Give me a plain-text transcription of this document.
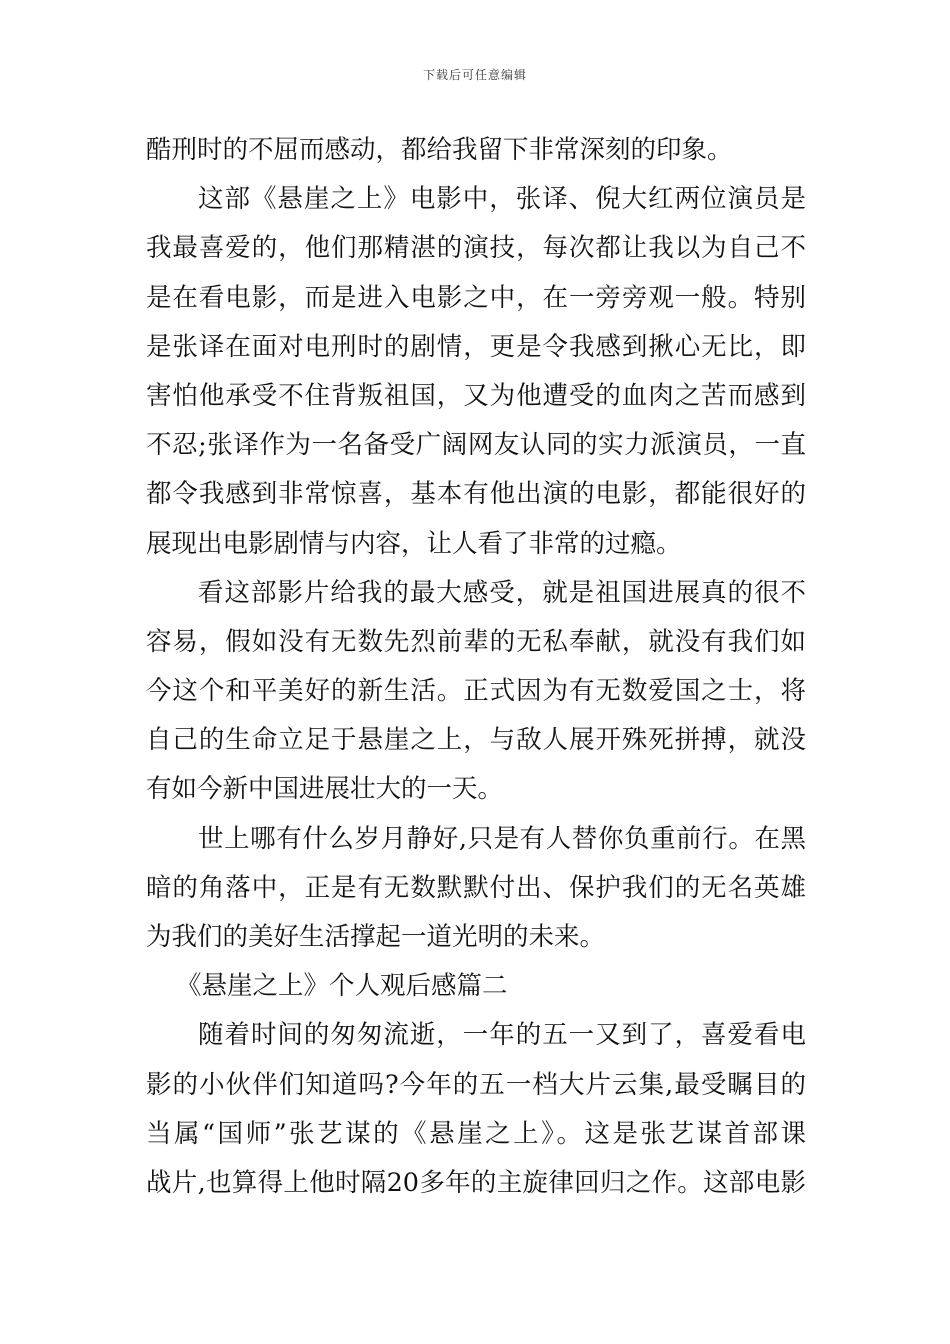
下载后可任意编辑
酷刑时的不屈而感动，都给我留下非常深刻的印象。
这部《悬崖之上》电影中，张译、倪大红两位演员是
我最喜爱的，他们那精湛的演技，每次都让我以为自己不
是在看电影，而是进入电影之中，在一旁旁观一般。特别
是张译在面对电刑时的剧情，更是令我感到揪心无比，即
害怕他承受不住背叛祖国，又为他遭受的血肉之苦而感到
不忍;张译作为一名备受广阔网友认同的实力派演员，一直
都令我感到非常惊喜，基本有他出演的电影，都能很好的
展现出电影剧情与内容，让人看了非常的过瘾。
看这部影片给我的最大感受，就是祖国进展真的很不
容易，假如没有无数先烈前辈的无私奉献，就没有我们如
今这个和平美好的新生活。正式因为有无数爱国之士，将
自己的生命立足于悬崖之上，与敌人展开殊死拼搏，就没
有如今新中国进展壮大的一天。
世上哪有什么岁月静好,只是有人替你负重前行。在黑
暗的角落中，正是有无数默默付出、保护我们的无名英雄
为我们的美好生活撑起一道光明的未来。
《悬崖之上》个人观后感篇二
随着时间的匆匆流逝，一年的五一又到了，喜爱看电
影的小伙伴们知道吗?今年的五一档大片云集,最受瞩目的
当属“国师”张艺谋的《悬崖之上》。这是张艺谋首部课
战片,也算得上他时隔20多年的主旋律回归之作。这部电影
